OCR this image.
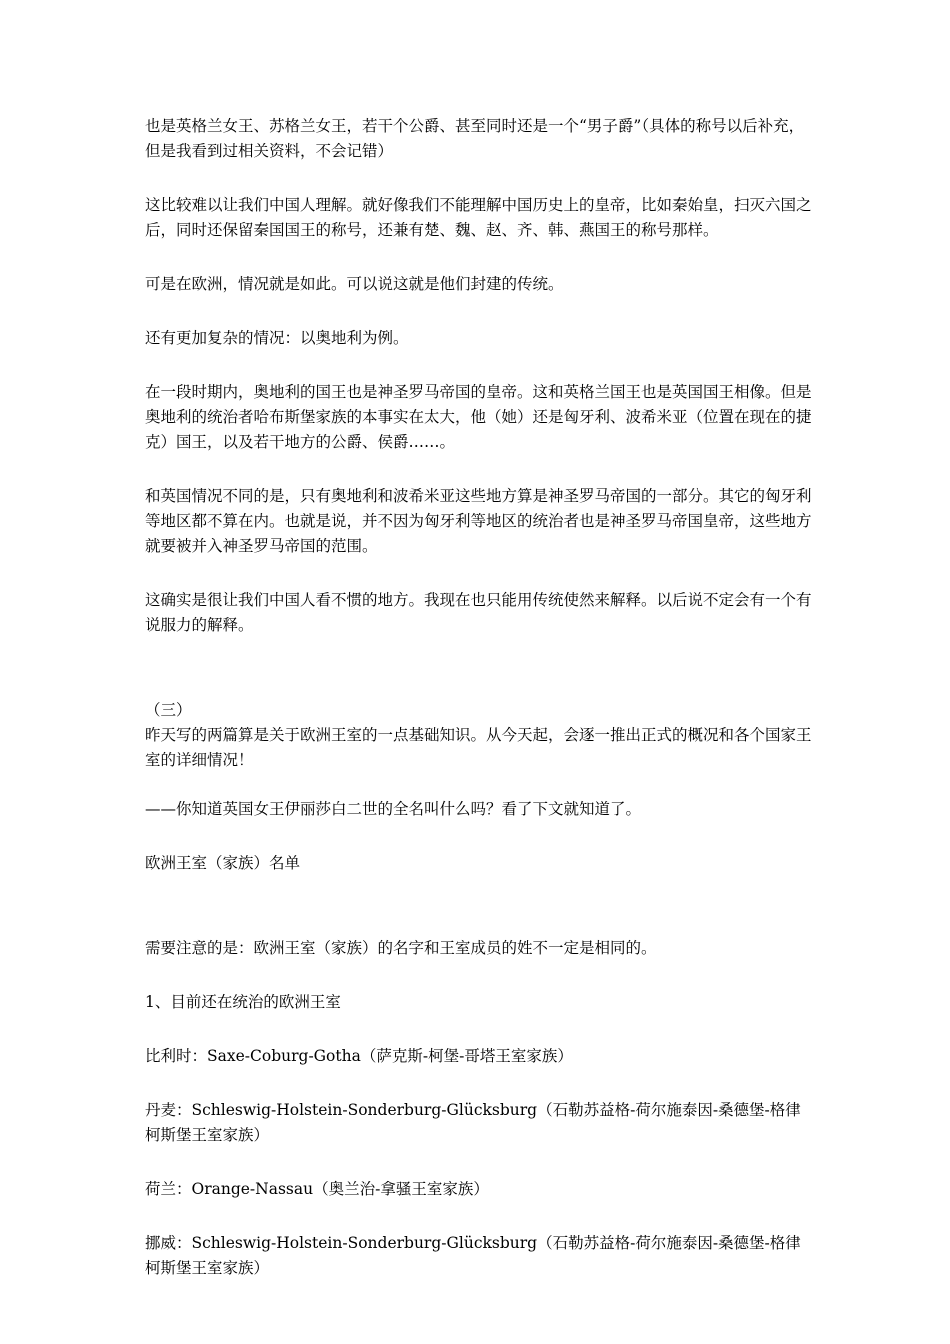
也是英格兰女王、苏格兰女王，若干个公爵、甚至同时还是一个“男子爵”（具体的称号以后补充，但是我看到过相关资料，不会记错）

这比较难以让我们中国人理解。就好像我们不能理解中国历史上的皇帝，比如秦始皇，扫灭六国之后，同时还保留秦国国王的称号，还兼有楚、魏、赵、齐、韩、燕国王的称号那样。

可是在欧洲，情况就是如此。可以说这就是他们封建的传统。

还有更加复杂的情况：以奥地利为例。

在一段时期内，奥地利的国王也是神圣罗马帝国的皇帝。这和英格兰国王也是英国国王相像。但是奥地利的统治者哈布斯堡家族的本事实在太大，他（她）还是匈牙利、波希米亚（位置在现在的捷克）国王，以及若干地方的公爵、侯爵……。

和英国情况不同的是，只有奥地利和波希米亚这些地方算是神圣罗马帝国的一部分。其它的匈牙利等地区都不算在内。也就是说，并不因为匈牙利等地区的统治者也是神圣罗马帝国皇帝，这些地方就要被并入神圣罗马帝国的范围。

这确实是很让我们中国人看不惯的地方。我现在也只能用传统使然来解释。以后说不定会有一个有说服力的解释。

（三）

昨天写的两篇算是关于欧洲王室的一点基础知识。从今天起，会逐一推出正式的概况和各个国家王室的详细情况！

——你知道英国女王伊丽莎白二世的全名叫什么吗？看了下文就知道了。

欧洲王室（家族）名单

需要注意的是：欧洲王室（家族）的名字和王室成员的姓不一定是相同的。

1、目前还在统治的欧洲王室

比利时：Saxe-Coburg-Gotha（萨克斯-柯堡-哥塔王室家族）

丹麦：Schleswig-Holstein-Sonderburg-Glücksburg（石勒苏益格-荷尔施泰因-桑德堡-格律柯斯堡王室家族）

荷兰：Orange-Nassau（奥兰治-拿骚王室家族）

挪威：Schleswig-Holstein-Sonderburg-Glücksburg（石勒苏益格-荷尔施泰因-桑德堡-格律柯斯堡王室家族）
